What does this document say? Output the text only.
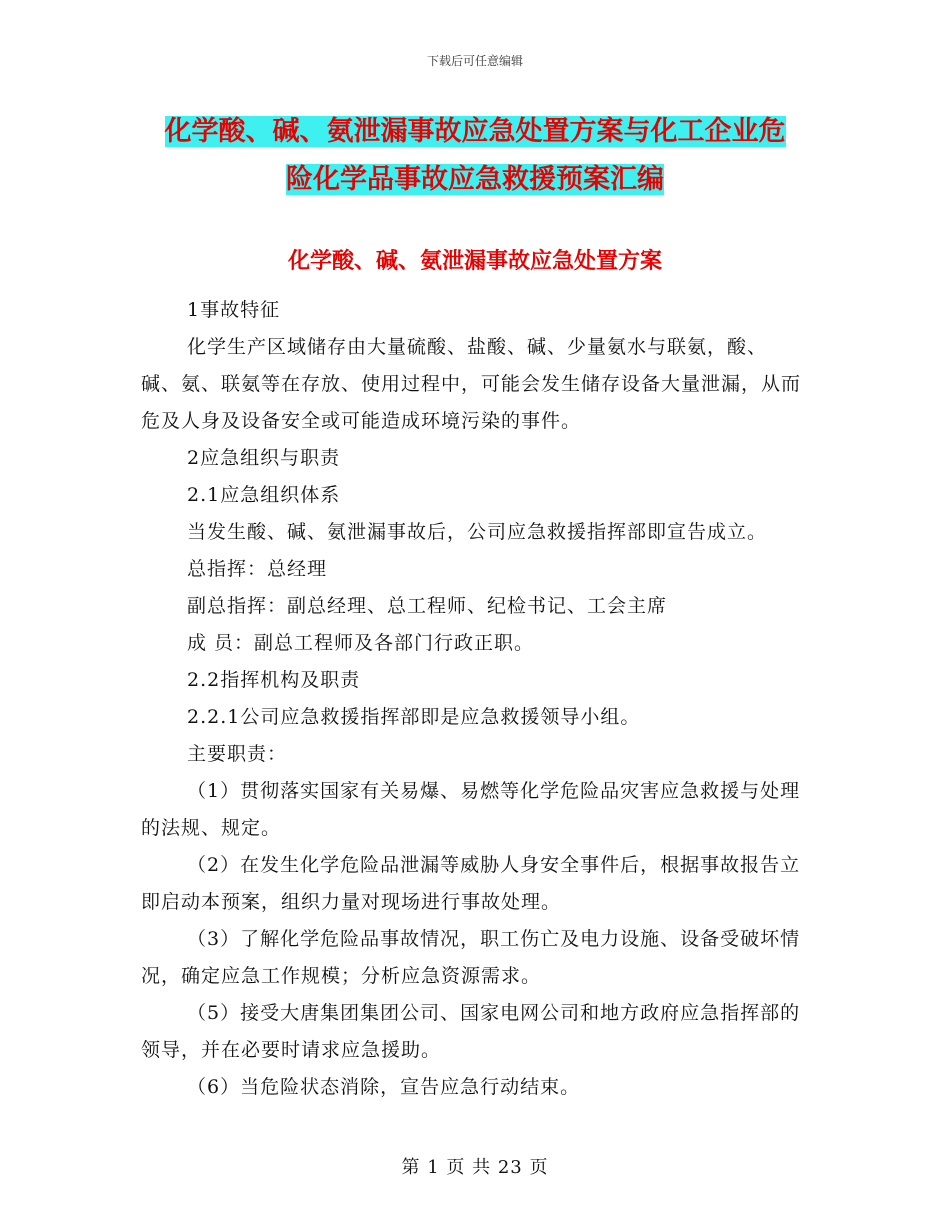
下载后可任意编辑
化学酸、碱、氨泄漏事故应急处置方案与化工企业危
险化学品事故应急救援预案汇编
化学酸、碱、氨泄漏事故应急处置方案

1事故特征

化学生产区域储存由大量硫酸、盐酸、碱、少量氨水与联氨，酸、碱、氨、联氨等在存放、使用过程中，可能会发生储存设备大量泄漏，从而危及人身及设备安全或可能造成环境污染的事件。

2应急组织与职责

2.1应急组织体系

当发生酸、碱、氨泄漏事故后，公司应急救援指挥部即宣告成立。

总指挥：总经理

副总指挥：副总经理、总工程师、纪检书记、工会主席

成 员：副总工程师及各部门行政正职。

2.2指挥机构及职责

2.2.1公司应急救援指挥部即是应急救援领导小组。

主要职责：

（1）贯彻落实国家有关易爆、易燃等化学危险品灾害应急救援与处理的法规、规定。

（2）在发生化学危险品泄漏等威胁人身安全事件后，根据事故报告立即启动本预案，组织力量对现场进行事故处理。

（3）了解化学危险品事故情况，职工伤亡及电力设施、设备受破坏情况，确定应急工作规模；分析应急资源需求。

（5）接受大唐集团集团公司、国家电网公司和地方政府应急指挥部的领导，并在必要时请求应急援助。

（6）当危险状态消除，宣告应急行动结束。

第 1 页 共 23 页
